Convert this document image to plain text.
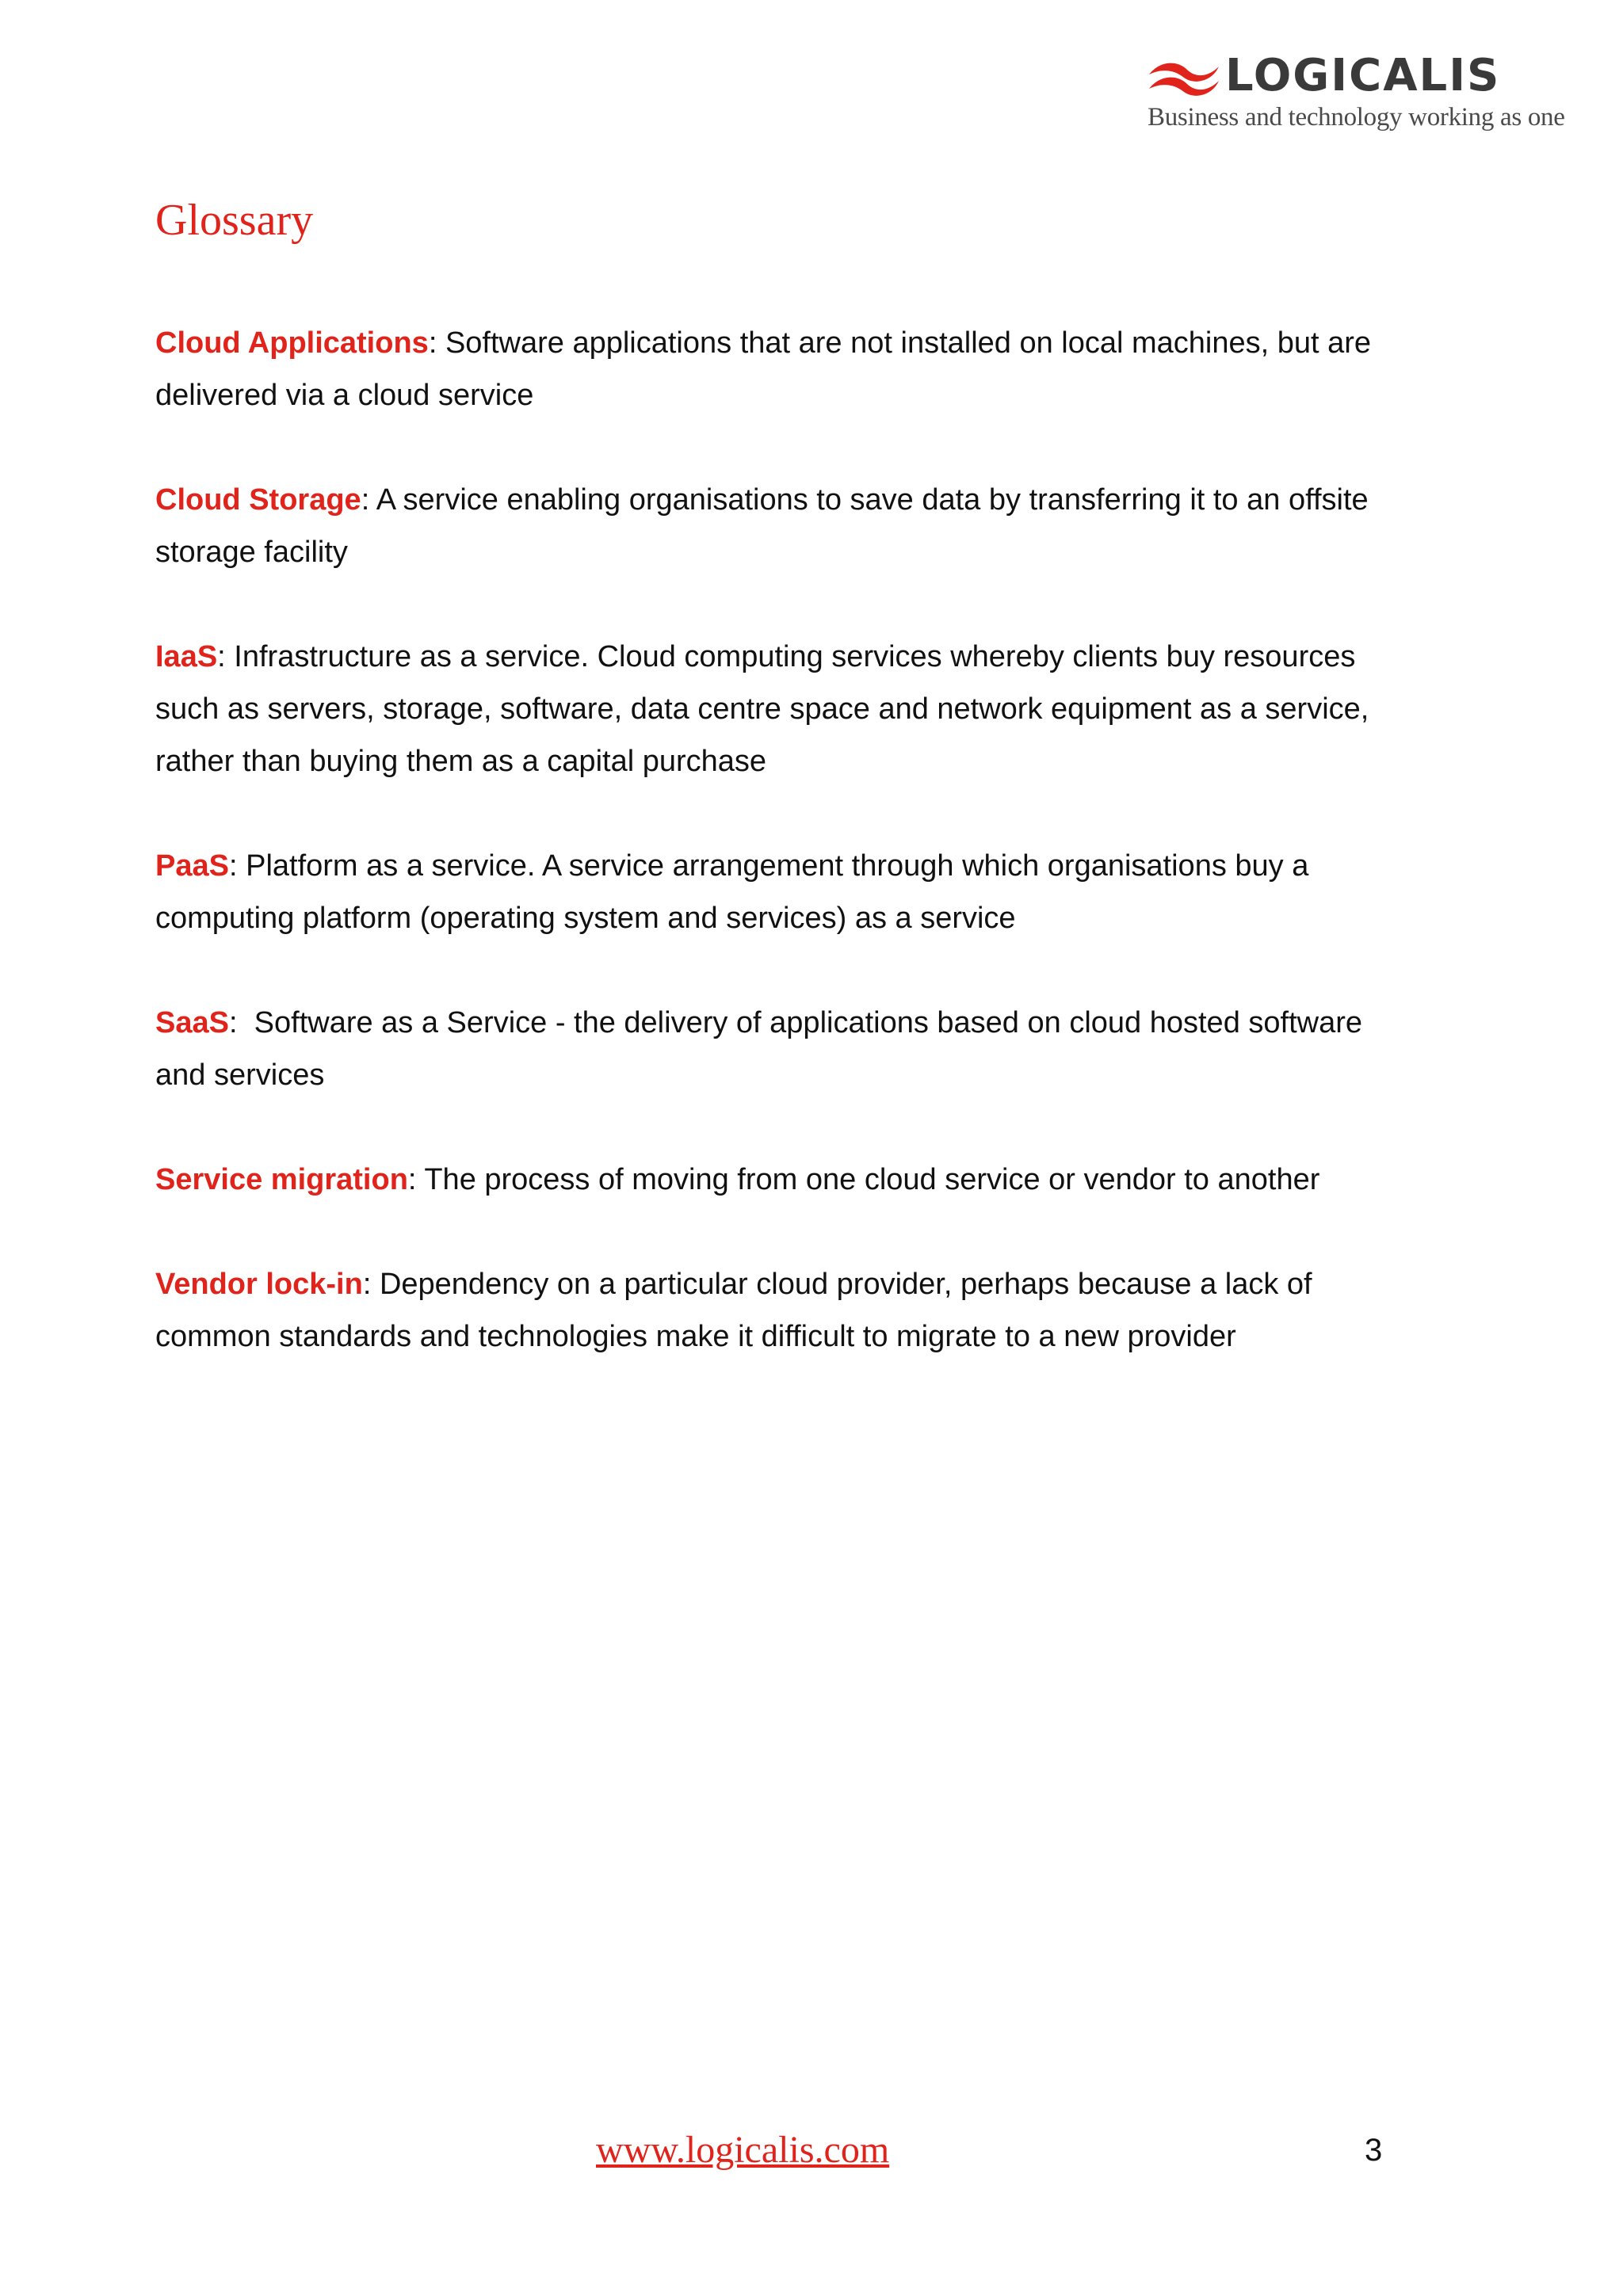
LOGICALIS
Business and technology working as one
Glossary
Cloud Applications: Software applications that are not installed on local machines, but are delivered via a cloud service
Cloud Storage: A service enabling organisations to save data by transferring it to an offsite storage facility
IaaS: Infrastructure as a service. Cloud computing services whereby clients buy resources such as servers, storage, software, data centre space and network equipment as a service, rather than buying them as a capital purchase
PaaS: Platform as a service. A service arrangement through which organisations buy a computing platform (operating system and services) as a service
SaaS:  Software as a Service - the delivery of applications based on cloud hosted software and services
Service migration: The process of moving from one cloud service or vendor to another
Vendor lock-in: Dependency on a particular cloud provider, perhaps because a lack of common standards and technologies make it difficult to migrate to a new provider
www.logicalis.com	3
